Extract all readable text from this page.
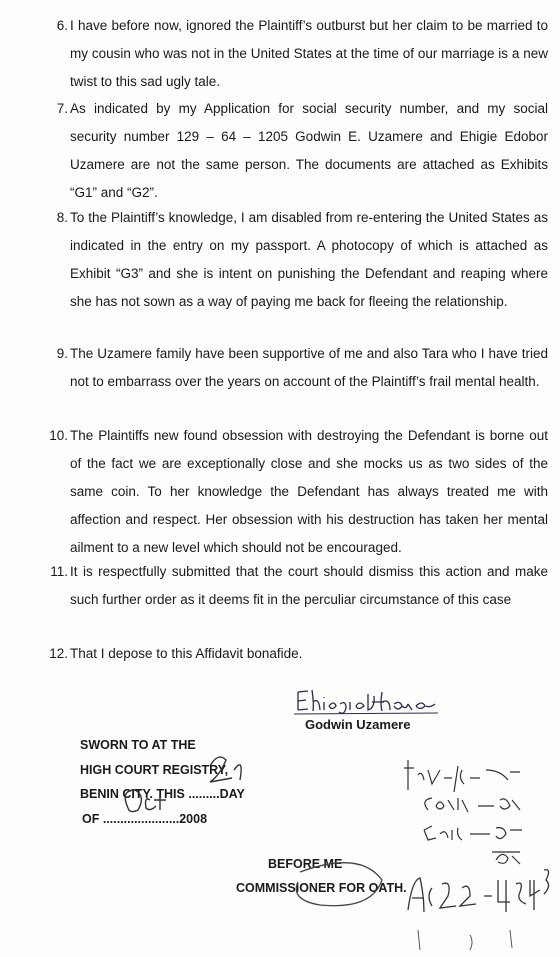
6. I have before now, ignored the Plaintiff’s outburst but her claim to be married to my cousin who was not in the United States at the time of our marriage is a new twist to this sad ugly tale.
7. As indicated by my Application for social security number, and my social security number 129 – 64 – 1205 Godwin E. Uzamere and Ehigie Edobor Uzamere are not the same person. The documents are attached as Exhibits “G1” and “G2”.
8. To the Plaintiff’s knowledge, I am disabled from re-entering the United States as indicated in the entry on my passport. A photocopy of which is attached as Exhibit “G3” and she is intent on punishing the Defendant and reaping where she has not sown as a way of paying me back for fleeing the relationship.
9. The Uzamere family have been supportive of me and also Tara who I have tried not to embarrass over the years on account of the Plaintiff’s frail mental health.
10. The Plaintiffs new found obsession with destroying the Defendant is borne out of the fact we are exceptionally close and she mocks us as two sides of the same coin. To her knowledge the Defendant has always treated me with affection and respect. Her obsession with his destruction has taken her mental ailment to a new level which should not be encouraged.
11. It is respectfully submitted that the court should dismiss this action and make such further order as it deems fit in the perculiar circumstance of this case
12. That I depose to this Affidavit bonafide.
Godwin Uzamere
SWORN TO AT THE
HIGH COURT REGISTRY,
BENIN CITY. THIS .........DAY
OF ......................2008
BEFORE ME
COMMISSIONER FOR OATH.
